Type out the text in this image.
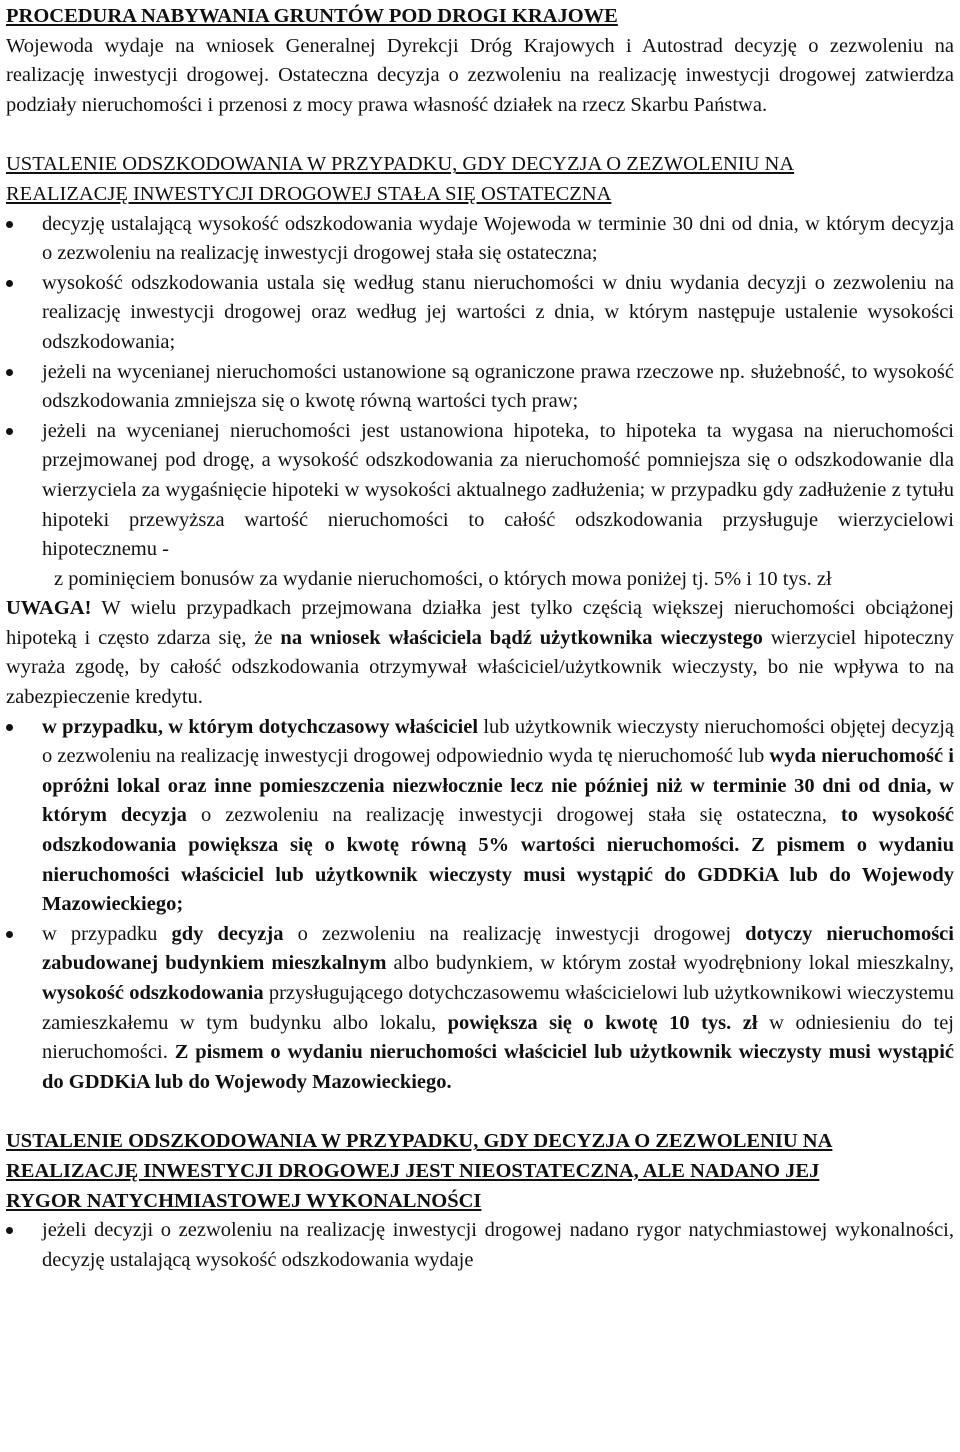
PROCEDURA NABYWANIA GRUNTÓW POD DROGI KRAJOWE
Wojewoda wydaje na wniosek Generalnej Dyrekcji Dróg Krajowych i Autostrad decyzję o zezwoleniu na realizację inwestycji drogowej. Ostateczna decyzja o zezwoleniu na realizację inwestycji drogowej zatwierdza podziały nieruchomości i przenosi z mocy prawa własność działek na rzecz Skarbu Państwa.
USTALENIE ODSZKODOWANIA W PRZYPADKU, GDY DECYZJA O ZEZWOLENIU NA REALIZACJĘ INWESTYCJI DROGOWEJ STAŁA SIĘ OSTATECZNA
decyzję ustalającą wysokość odszkodowania wydaje Wojewoda w terminie 30 dni od dnia, w którym decyzja o zezwoleniu na realizację inwestycji drogowej stała się ostateczna;
wysokość odszkodowania ustala się według stanu nieruchomości w dniu wydania decyzji o zezwoleniu na realizację inwestycji drogowej oraz według jej wartości z dnia, w którym następuje ustalenie wysokości odszkodowania;
jeżeli na wycenianej nieruchomości ustanowione są ograniczone prawa rzeczowe np. służebność, to wysokość odszkodowania zmniejsza się o kwotę równą wartości tych praw;
jeżeli na wycenianej nieruchomości jest ustanowiona hipoteka, to hipoteka ta wygasa na nieruchomości przejmowanej pod drogę, a wysokość odszkodowania za nieruchomość pomniejsza się o odszkodowanie dla wierzyciela za wygaśnięcie hipoteki w wysokości aktualnego zadłużenia; w przypadku gdy zadłużenie z tytułu hipoteki przewyższa wartość nieruchomości to całość odszkodowania przysługuje wierzycielowi hipotecznemu -
z pominięciem bonusów za wydanie nieruchomości, o których mowa poniżej tj. 5% i 10 tys. zł
UWAGA! W wielu przypadkach przejmowana działka jest tylko częścią większej nieruchomości obciążonej hipoteką i często zdarza się, że na wniosek właściciela bądź użytkownika wieczystego wierzyciel hipoteczny wyraża zgodę, by całość odszkodowania otrzymywał właściciel/użytkownik wieczysty, bo nie wpływa to na zabezpieczenie kredytu.
w przypadku, w którym dotychczasowy właściciel lub użytkownik wieczysty nieruchomości objętej decyzją o zezwoleniu na realizację inwestycji drogowej odpowiednio wyda tę nieruchomość lub wyda nieruchomość i opróżni lokal oraz inne pomieszczenia niezwłocznie lecz nie później niż w terminie 30 dni od dnia, w którym decyzja o zezwoleniu na realizację inwestycji drogowej stała się ostateczna, to wysokość odszkodowania powiększa się o kwotę równą 5% wartości nieruchomości. Z pismem o wydaniu nieruchomości właściciel lub użytkownik wieczysty musi wystąpić do GDDKiA lub do Wojewody Mazowieckiego;
w przypadku gdy decyzja o zezwoleniu na realizację inwestycji drogowej dotyczy nieruchomości zabudowanej budynkiem mieszkalnym albo budynkiem, w którym został wyodrębniony lokal mieszkalny, wysokość odszkodowania przysługującego dotychczasowemu właścicielowi lub użytkownikowi wieczystemu zamieszkałemu w tym budynku albo lokalu, powiększa się o kwotę 10 tys. zł w odniesieniu do tej nieruchomości. Z pismem o wydaniu nieruchomości właściciel lub użytkownik wieczysty musi wystąpić do GDDKiA lub do Wojewody Mazowieckiego.
USTALENIE ODSZKODOWANIA W PRZYPADKU, GDY DECYZJA O ZEZWOLENIU NA REALIZACJĘ INWESTYCJI DROGOWEJ JEST NIEOSTATECZNA, ALE NADANO JEJ RYGOR NATYCHMIASTOWEJ WYKONALNOŚCI
jeżeli decyzji o zezwoleniu na realizację inwestycji drogowej nadano rygor natychmiastowej wykonalności, decyzję ustalającą wysokość odszkodowania wydaje
